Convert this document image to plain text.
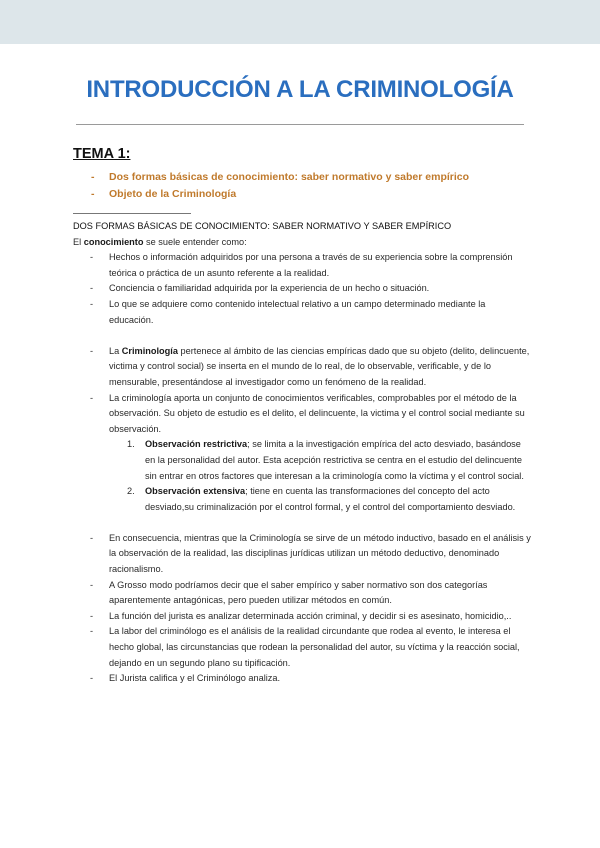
INTRODUCCIÓN A LA CRIMINOLOGÍA
TEMA 1:
- Dos formas básicas de conocimiento: saber normativo y saber empírico
- Objeto de la Criminología
DOS FORMAS BÁSICAS DE CONOCIMIENTO: SABER NORMATIVO Y SABER EMPÍRICO
El conocimiento se suele entender como:
- Hechos o información adquiridos por una persona a través de su experiencia sobre la comprensión teórica o práctica de un asunto referente a la realidad.
- Conciencia o familiaridad adquirida por la experiencia de un hecho o situación.
- Lo que se adquiere como contenido intelectual relativo a un campo determinado mediante la educación.
- La Criminología pertenece al ámbito de las ciencias empíricas dado que su objeto (delito, delincuente, victima y control social) se inserta en el mundo de lo real, de lo observable, verificable, y de lo mensurable, presentándose al investigador como un fenómeno de la realidad.
- La criminología aporta un conjunto de conocimientos verificables, comprobables por el método de la observación. Su objeto de estudio es el delito, el delincuente, la victima y el control social mediante su observación.
1. Observación restrictiva; se limita a la investigación empírica del acto desviado, basándose en la personalidad del autor. Esta acepción restrictiva se centra en el estudio del delincuente sin entrar en otros factores que interesan a la criminología como la víctima y el control social.
2. Observación extensiva; tiene en cuenta las transformaciones del concepto del acto desviado,su criminalización por el control formal, y el control del comportamiento desviado.
- En consecuencia, mientras que la Criminología se sirve de un método inductivo, basado en el análisis y la observación de la realidad, las disciplinas jurídicas utilizan un método deductivo, denominado racionalismo.
- A Grosso modo podríamos decir que el saber empírico y saber normativo son dos categorías aparentemente antagónicas, pero pueden utilizar métodos en común.
- La función del jurista es analizar determinada acción criminal, y decidir si es asesinato, homicidio,..
- La labor del criminólogo es el análisis de la realidad circundante que rodea al evento, le interesa el hecho global, las circunstancias que rodean la personalidad del autor, su víctima y la reacción social, dejando en un segundo plano su tipificación.
- El Jurista califica y el Criminólogo analiza.
